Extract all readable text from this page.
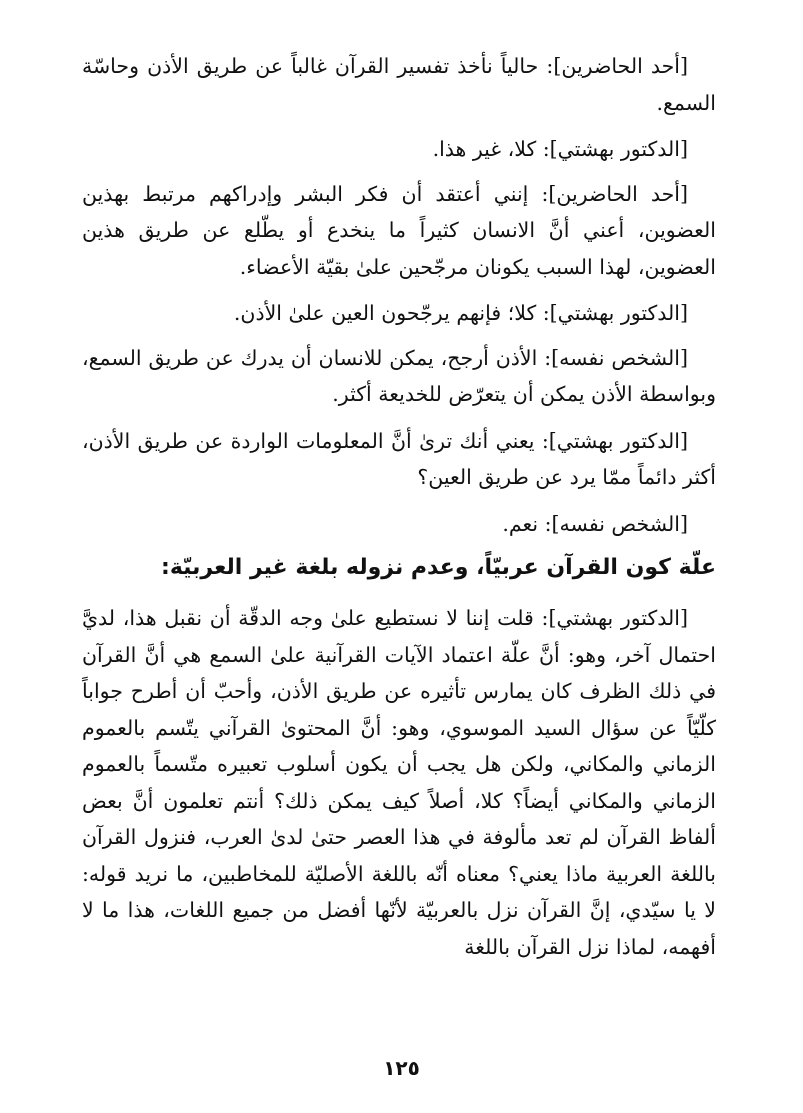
[أحد الحاضرين]: حالياً نأخذ تفسير القرآن غالباً عن طريق الأذن وحاسّة السمع.

[الدكتور بهشتي]: كلا، غير هذا.

[أحد الحاضرين]: إنني أعتقد أن فكر البشر وإدراكهم مرتبط بهذين العضوين، أعني أنَّ الانسان كثيراً ما ينخدع أو يطّلع عن طريق هذين العضوين، لهذا السبب يكونان مرجّحين علىٰ بقيّة الأعضاء.

[الدكتور بهشتي]: كلا؛ فإنهم يرجّحون العين علىٰ الأذن.

[الشخص نفسه]: الأذن أرجح، يمكن للانسان أن يدرك عن طريق السمع، وبواسطة الأذن يمكن أن يتعرّض للخديعة أكثر.

[الدكتور بهشتي]: يعني أنك ترىٰ أنَّ المعلومات الواردة عن طريق الأذن، أكثر دائماً ممّا يرد عن طريق العين؟

[الشخص نفسه]: نعم.

علّة كون القرآن عربيّاً، وعدم نزوله بلغة غير العربيّة:

[الدكتور بهشتي]: قلت إننا لا نستطيع علىٰ وجه الدقّة أن نقبل هذا، لديَّ احتمال آخر، وهو: أنَّ علّة اعتماد الآيات القرآنية علىٰ السمع هي أنَّ القرآن في ذلك الظرف كان يمارس تأثيره عن طريق الأذن، وأحبّ أن أطرح جواباً كلّيّاً عن سؤال السيد الموسوي، وهو: أنَّ المحتوىٰ القرآني يتّسم بالعموم الزماني والمكاني، ولكن هل يجب أن يكون أسلوب تعبيره متّسماً بالعموم الزماني والمكاني أيضاً؟ كلا، أصلاً كيف يمكن ذلك؟ أنتم تعلمون أنَّ بعض ألفاظ القرآن لم تعد مألوفة في هذا العصر حتىٰ لدىٰ العرب، فنزول القرآن باللغة العربية ماذا يعني؟ معناه أنّه باللغة الأصليّة للمخاطبين، ما نريد قوله: لا يا سيّدي، إنَّ القرآن نزل بالعربيّة لأنّها أفضل من جميع اللغات، هذا ما لا أفهمه، لماذا نزل القرآن باللغة

١٢٥
